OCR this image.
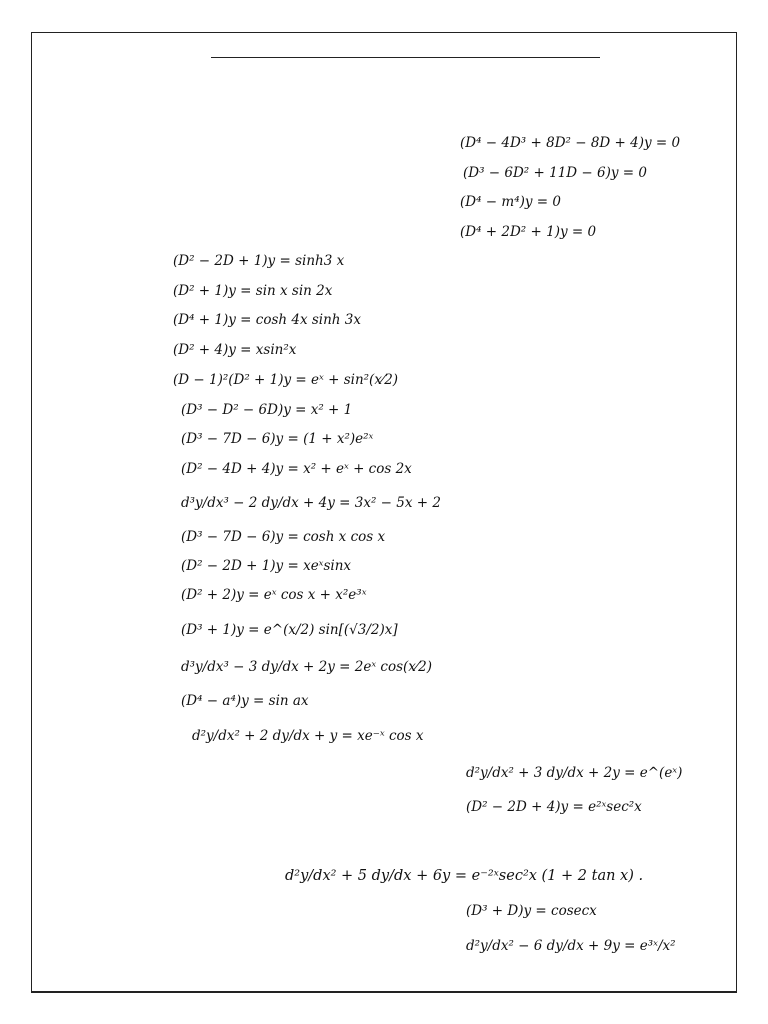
(D⁴ − 4D³ + 8D² − 8D + 4)y = 0
(D³ − 6D² + 11D − 6)y = 0
(D⁴ − m⁴)y = 0
(D⁴ + 2D² + 1)y = 0
(D² − 2D + 1)y = sinh3 x
(D² + 1)y = sin x sin 2x
(D⁴ + 1)y = cosh 4x sinh 3x
(D² + 4)y = xsin²x
(D − 1)²(D² + 1)y = eˣ + sin²(x⁄2)
(D³ − D² − 6D)y = x² + 1
(D³ − 7D − 6)y = (1 + x²)e²ˣ
(D² − 4D + 4)y = x² + eˣ + cos 2x
d³y/dx³ − 2 dy/dx + 4y = 3x² − 5x + 2
(D³ − 7D − 6)y = cosh x cos x
(D² − 2D + 1)y = xeˣsinx
(D² + 2)y = eˣ cos x + x²e³ˣ
(D³ + 1)y = e^(x/2) sin[(√3/2)x]
d³y/dx³ − 3 dy/dx + 2y = 2eˣ cos(x⁄2)
(D⁴ − a⁴)y = sin ax
d²y/dx² + 2 dy/dx + y = xe⁻ˣ cos x
d²y/dx² + 3 dy/dx + 2y = e^(eˣ)
(D² − 2D + 4)y = e²ˣsec²x
d²y/dx² + 5 dy/dx + 6y = e⁻²ˣsec²x (1 + 2 tan x) .
(D³ + D)y = cosecx
d²y/dx² − 6 dy/dx + 9y = e³ˣ/x²
